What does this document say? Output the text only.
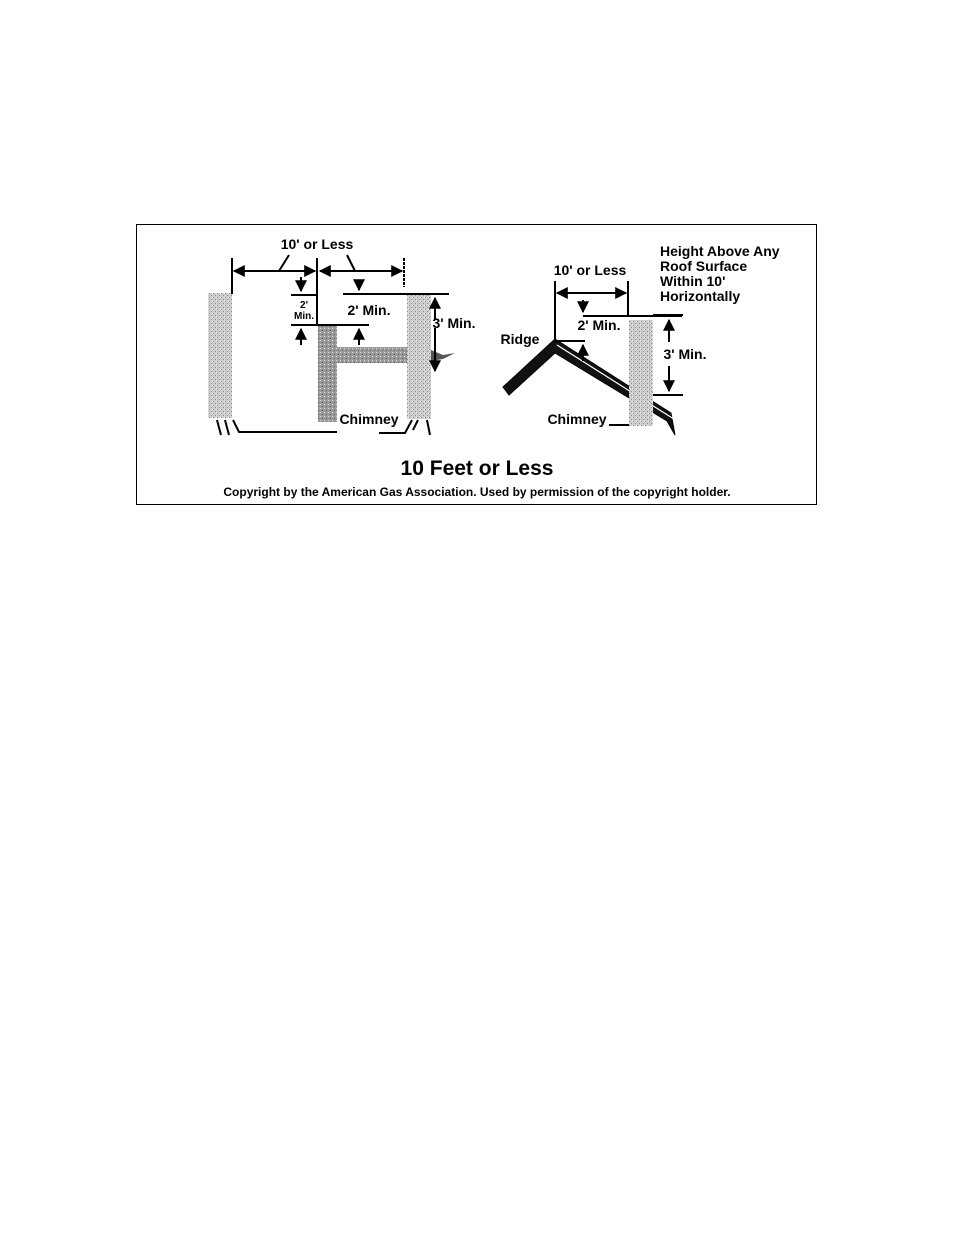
10' or Less
2'
Min. 2' Min.
3' Min.
Chimney
10' or Less
2' Min.
3' Min.
Ridge
Chimney
Height Above Any
Roof Surface
Within 10'
Horizontally
10 Feet or Less
Copyright by the American Gas Association. Used by permission of the copyright holder.
